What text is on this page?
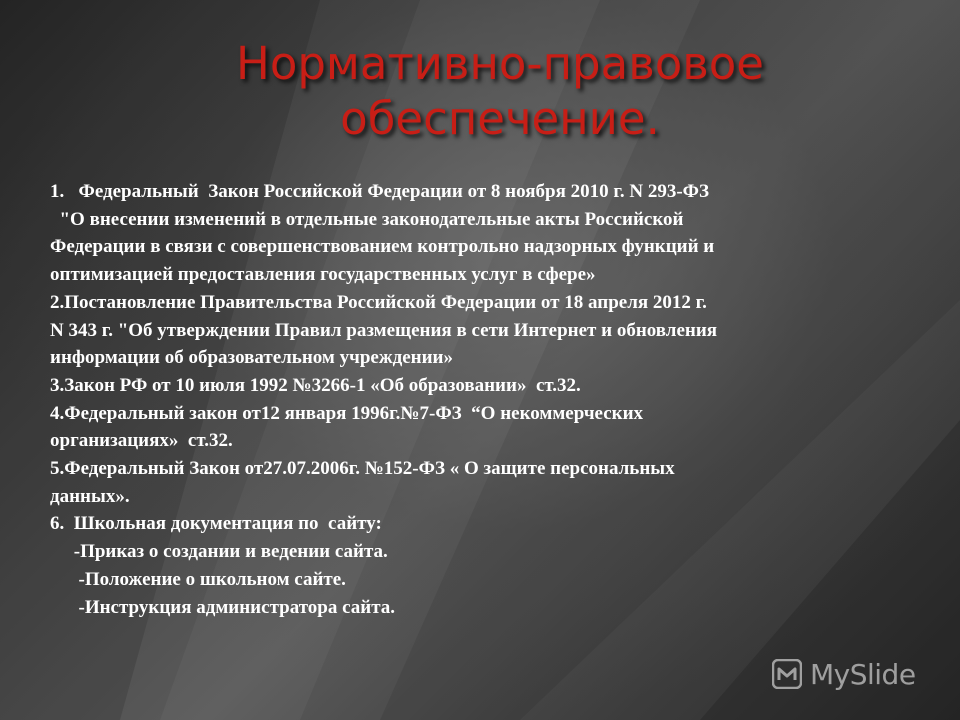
Нормативно-правовое
обеспечение.
1.   Федеральный  Закон Российской Федерации от 8 ноября 2010 г. N 293-ФЗ
"О внесении изменений в отдельные законодательные акты Российской
Федерации в связи с совершенствованием контрольно надзорных функций и
оптимизацией предоставления государственных услуг в сфере»
2.Постановление Правительства Российской Федерации от 18 апреля 2012 г.
N 343 г. "Об утверждении Правил размещения в сети Интернет и обновления
информации об образовательном учреждении»
3.Закон РФ от 10 июля 1992 №3266-1 «Об образовании»  ст.32.
4.Федеральный закон от12 января 1996г.№7-ФЗ  “О некоммерческих
организациях»  ст.32.
5.Федеральный Закон от27.07.2006г. №152-ФЗ « О защите персональных
данных».
6.  Школьная документация по  сайту:
-Приказ о создании и ведении сайта.
-Положение о школьном сайте.
-Инструкция администратора сайта.
MySlide
